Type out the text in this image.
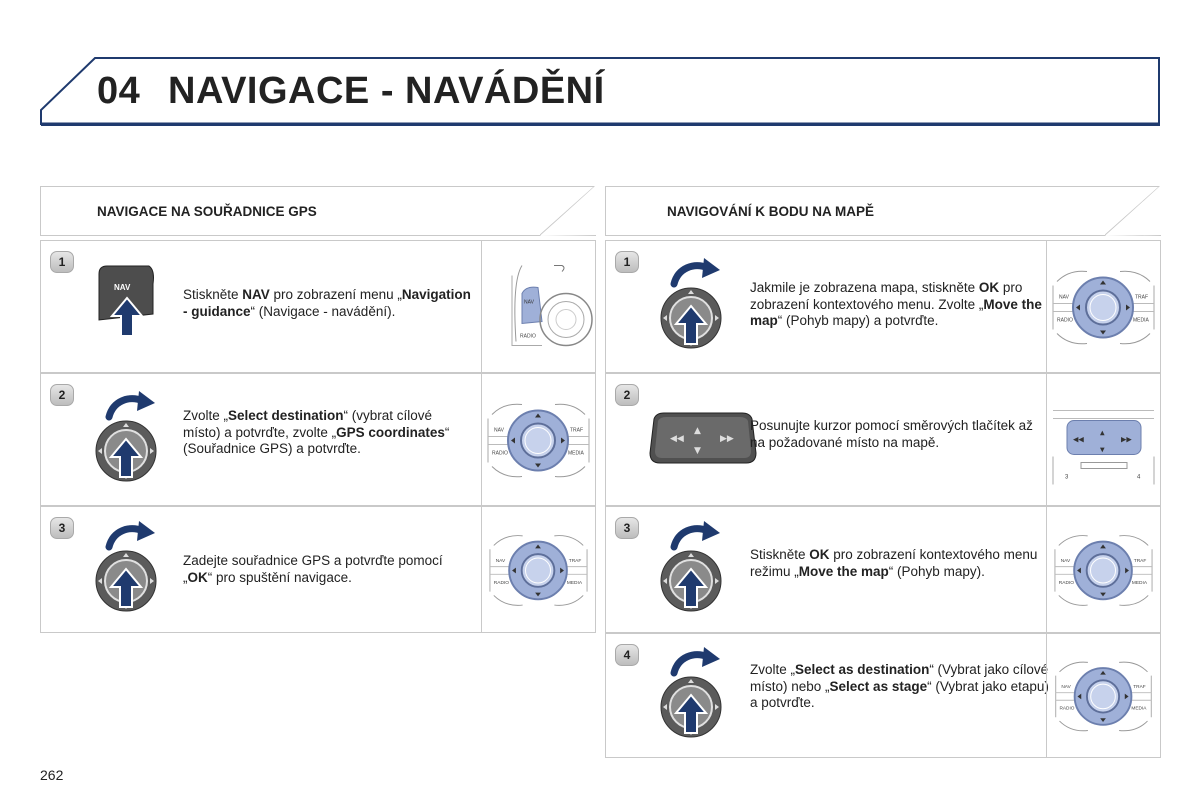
04 NAVIGACE - NAVÁDĚNÍ
NAVIGACE NA SOUŘADNICE GPS
1
NAV	Stiskněte NAV pro zobrazení menu „Navigation - guidance“ (Navigace - navádění).
NAV
RADIO
2
Zvolte „Select destination“ (vybrat cílové místo) a potvrďte, zvolte „GPS coordinates“ (Souřadnice GPS) a potvrďte.
NAV	TRAF
RADIO	MEDIA
3
Zadejte souřadnice GPS a potvrďte pomocí „OK“ pro spuštění navigace.
NAV	TRAF
RADIO	MEDIA
NAVIGOVÁNÍ K BODU NA MAPĚ
1
Jakmile je zobrazena mapa, stiskněte OK pro zobrazení kontextového menu. Zvolte „Move the map“ (Pohyb mapy) a potvrďte.
NAV	TRAF
RADIO	MEDIA
2
◀◀
▲
▼
▶▶
Posunujte kurzor pomocí směrových tlačítek až na požadované místo na mapě.	◀◀
▲
▼
▶▶
3	4
3
Stiskněte OK pro zobrazení kontextového menu režimu „Move the map“ (Pohyb mapy).
NAV	TRAF
RADIO	MEDIA
4
Zvolte „Select as destination“ (Vybrat jako cílové místo) nebo „Select as stage“ (Vybrat jako etapu) a potvrďte.
NAV	TRAF
RADIO	MEDIA
262
